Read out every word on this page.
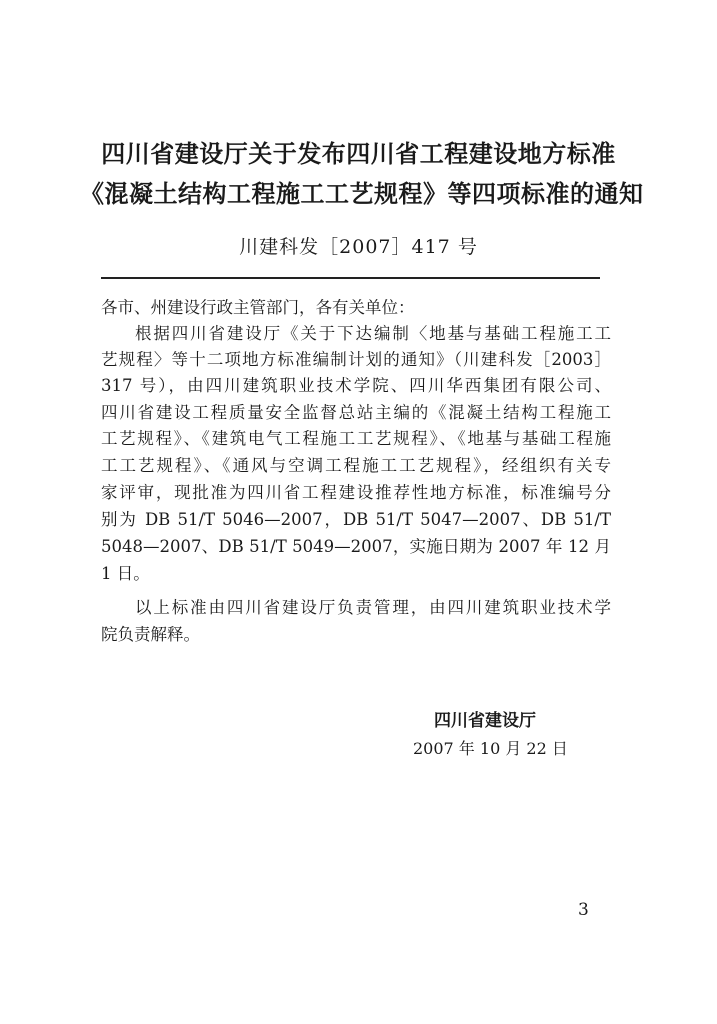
四川省建设厅关于发布四川省工程建设地方标准
《混凝土结构工程施工工艺规程》等四项标准的通知
川建科发［2007］417 号
各市、州建设行政主管部门，各有关单位：
根据四川省建设厅《关于下达编制〈地基与基础工程施工工
艺规程〉等十二项地方标准编制计划的通知》（川建科发［2003］
317 号），由四川建筑职业技术学院、四川华西集团有限公司、
四川省建设工程质量安全监督总站主编的《混凝土结构工程施工
工艺规程》、《建筑电气工程施工工艺规程》、《地基与基础工程施
工工艺规程》、《通风与空调工程施工工艺规程》，经组织有关专
家评审，现批准为四川省工程建设推荐性地方标准，标准编号分
别为 DB 51/T 5046—2007，DB 51/T 5047—2007、DB 51/T
5048—2007、DB 51/T 5049—2007，实施日期为 2007 年 12 月
1 日。
以上标准由四川省建设厅负责管理，由四川建筑职业技术学
院负责解释。
四川省建设厅
2007 年 10 月 22 日
3
